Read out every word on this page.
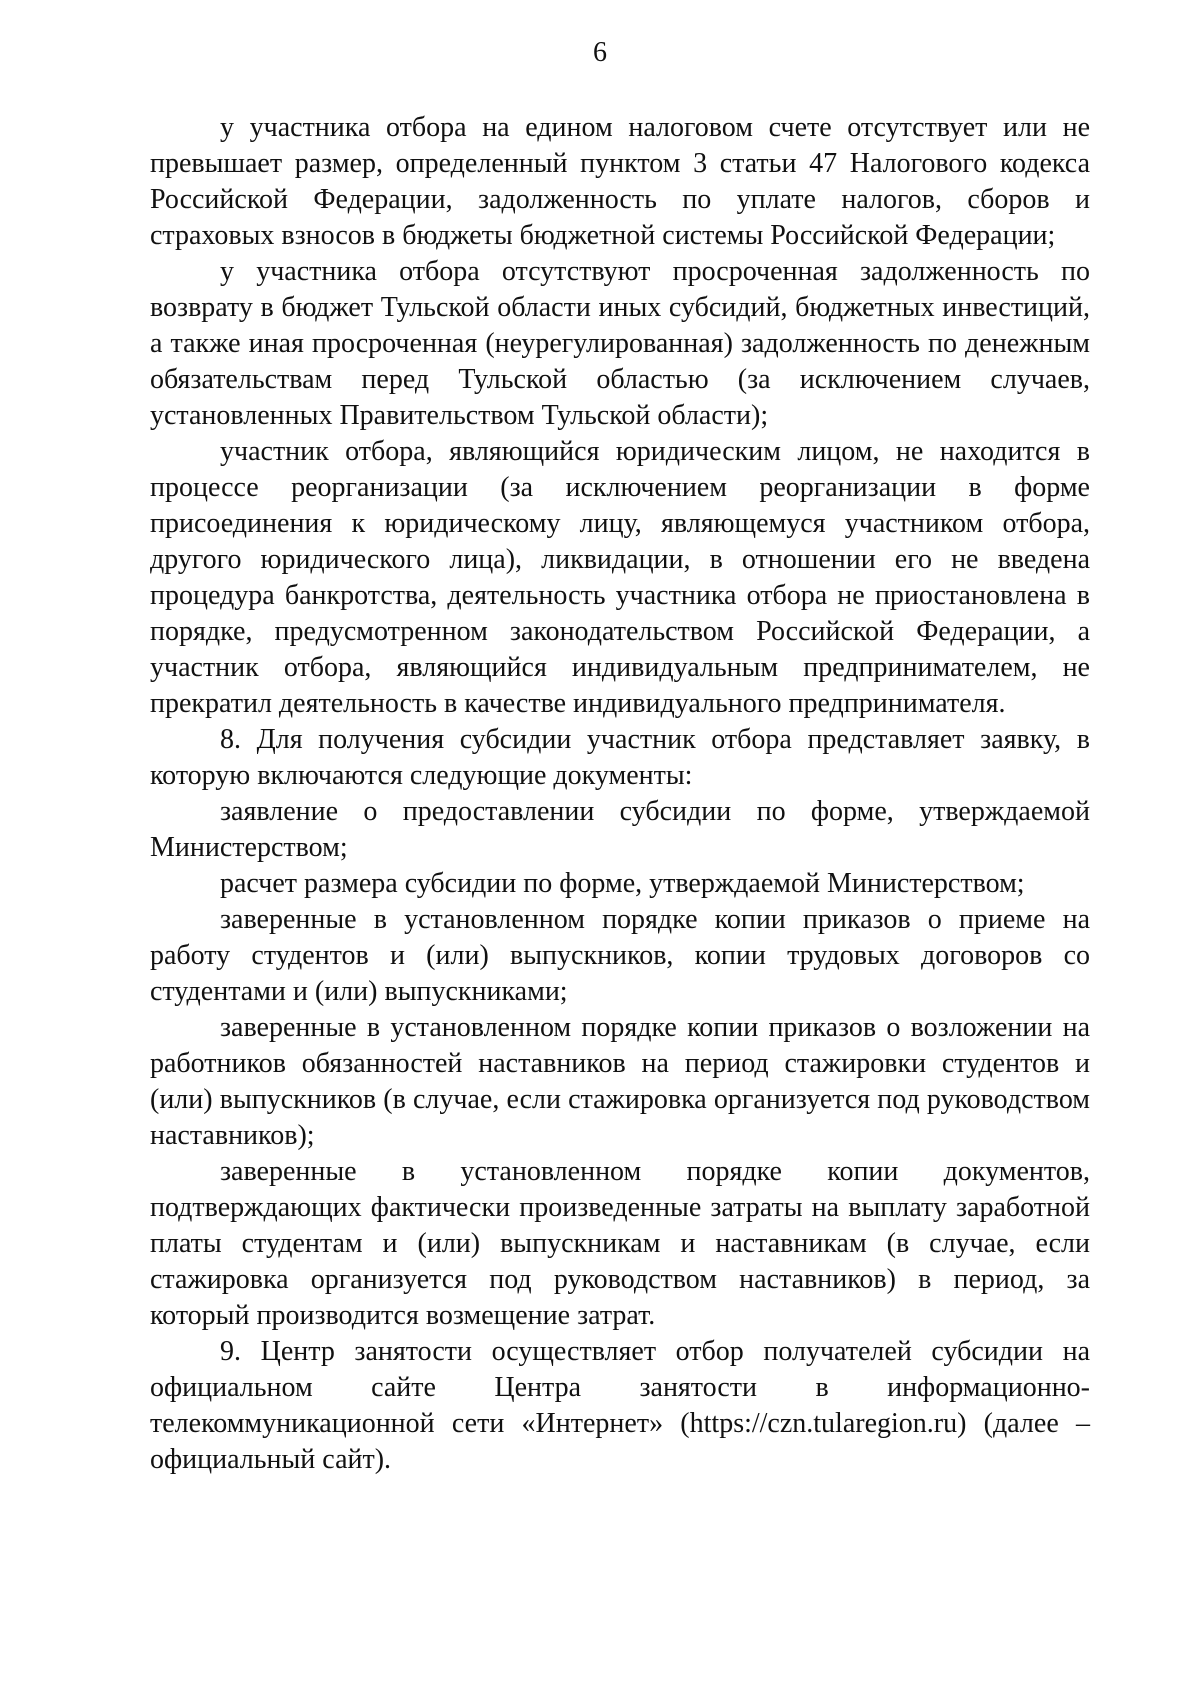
6

у участника отбора на едином налоговом счете отсутствует или не превышает размер, определенный пунктом 3 статьи 47 Налогового кодекса Российской Федерации, задолженность по уплате налогов, сборов и страховых взносов в бюджеты бюджетной системы Российской Федерации;

у участника отбора отсутствуют просроченная задолженность по возврату в бюджет Тульской области иных субсидий, бюджетных инвестиций, а также иная просроченная (неурегулированная) задолженность по денежным обязательствам перед Тульской областью (за исключением случаев, установленных Правительством Тульской области);

участник отбора, являющийся юридическим лицом, не находится в процессе реорганизации (за исключением реорганизации в форме присоединения к юридическому лицу, являющемуся участником отбора, другого юридического лица), ликвидации, в отношении его не введена процедура банкротства, деятельность участника отбора не приостановлена в порядке, предусмотренном законодательством Российской Федерации, а участник отбора, являющийся индивидуальным предпринимателем, не прекратил деятельность в качестве индивидуального предпринимателя.

8. Для получения субсидии участник отбора представляет заявку, в которую включаются следующие документы:

заявление о предоставлении субсидии по форме, утверждаемой Министерством;

расчет размера субсидии по форме, утверждаемой Министерством;

заверенные в установленном порядке копии приказов о приеме на работу студентов и (или) выпускников, копии трудовых договоров со студентами и (или) выпускниками;

заверенные в установленном порядке копии приказов о возложении на работников обязанностей наставников на период стажировки студентов и (или) выпускников (в случае, если стажировка организуется под руководством наставников);

заверенные в установленном порядке копии документов, подтверждающих фактически произведенные затраты на выплату заработной платы студентам и (или) выпускникам и наставникам (в случае, если стажировка организуется под руководством наставников) в период, за который производится возмещение затрат.

9. Центр занятости осуществляет отбор получателей субсидии на официальном сайте Центра занятости в информационно-телекоммуникационной сети «Интернет» (https://czn.tularegion.ru) (далее – официальный сайт).
